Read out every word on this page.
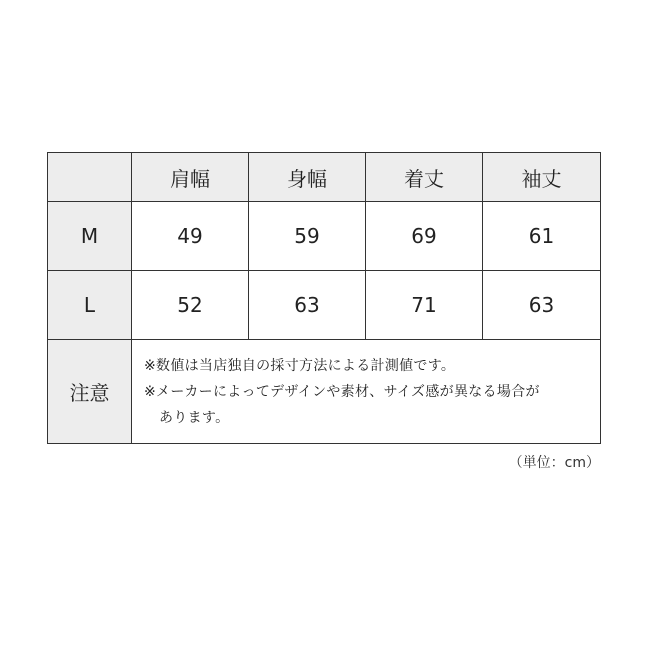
	肩幅	身幅	着丈	袖丈
M	49	59	69	61
L	52	63	71	63
注意	※数値は当店独自の採寸方法による計測値です。
※メーカーによってデザインや素材、サイズ感が異なる場合が
あります。			
（単位：cm）
